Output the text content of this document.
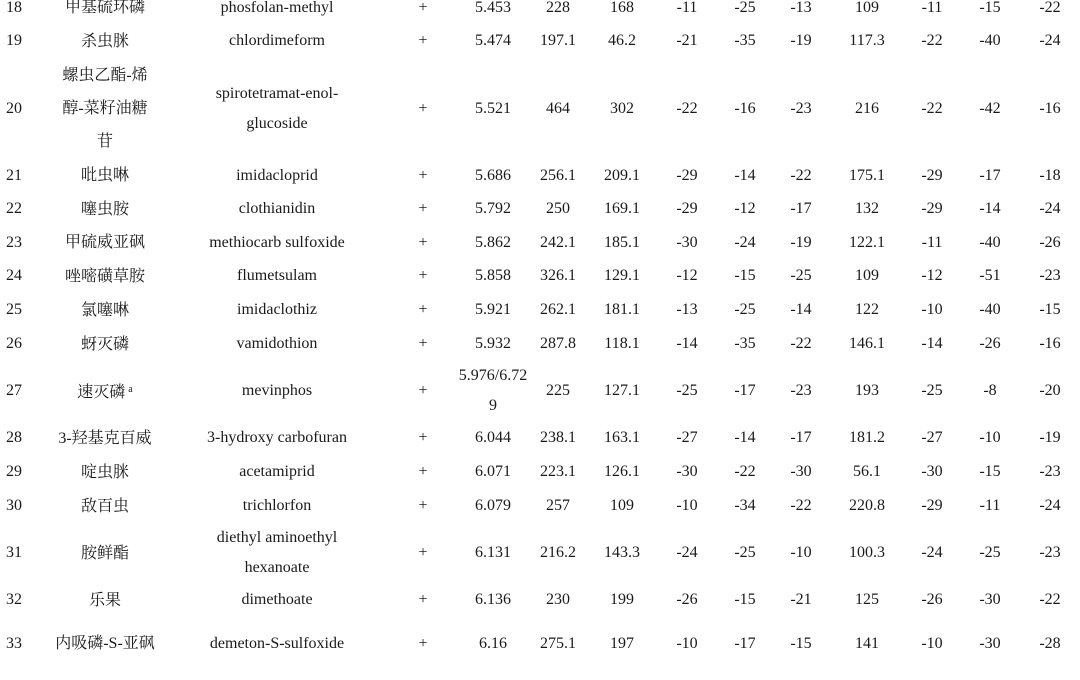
18	甲基硫环磷	phosfolan-methyl	+	5.453	228	168	-11	-25	-13	109	-11	-15	-22
19	杀虫脒	chlordimeform	+	5.474	197.1	46.2	-21	-35	-19	117.3	-22	-40	-24
20	螺虫乙酯-烯醇-菜籽油糖苷	spirotetramat-enol-glucoside	+	5.521	464	302	-22	-16	-23	216	-22	-42	-16
21	吡虫啉	imidacloprid	+	5.686	256.1	209.1	-29	-14	-22	175.1	-29	-17	-18
22	噻虫胺	clothianidin	+	5.792	250	169.1	-29	-12	-17	132	-29	-14	-24
23	甲硫威亚砜	methiocarb sulfoxide	+	5.862	242.1	185.1	-30	-24	-19	122.1	-11	-40	-26
24	唑嘧磺草胺	flumetsulam	+	5.858	326.1	129.1	-12	-15	-25	109	-12	-51	-23
25	氯噻啉	imidaclothiz	+	5.921	262.1	181.1	-13	-25	-14	122	-10	-40	-15
26	蚜灭磷	vamidothion	+	5.932	287.8	118.1	-14	-35	-22	146.1	-14	-26	-16
27	速灭磷 $^a$	mevinphos	+	5.976/6.729	225	127.1	-25	-17	-23	193	-25	-8	-20
28	3-羟基克百威	3-hydroxy carbofuran	+	6.044	238.1	163.1	-27	-14	-17	181.2	-27	-10	-19
29	啶虫脒	acetamiprid	+	6.071	223.1	126.1	-30	-22	-30	56.1	-30	-15	-23
30	敌百虫	trichlorfon	+	6.079	257	109	-10	-34	-22	220.8	-29	-11	-24
31	胺鲜酯	diethyl aminoethyl hexanoate	+	6.131	216.2	143.3	-24	-25	-10	100.3	-24	-25	-23
32	乐果	dimethoate	+	6.136	230	199	-26	-15	-21	125	-26	-30	-22
33	内吸磷-S-亚砜	demeton-S-sulfoxide	+	6.16	275.1	197	-10	-17	-15	141	-10	-30	-28
